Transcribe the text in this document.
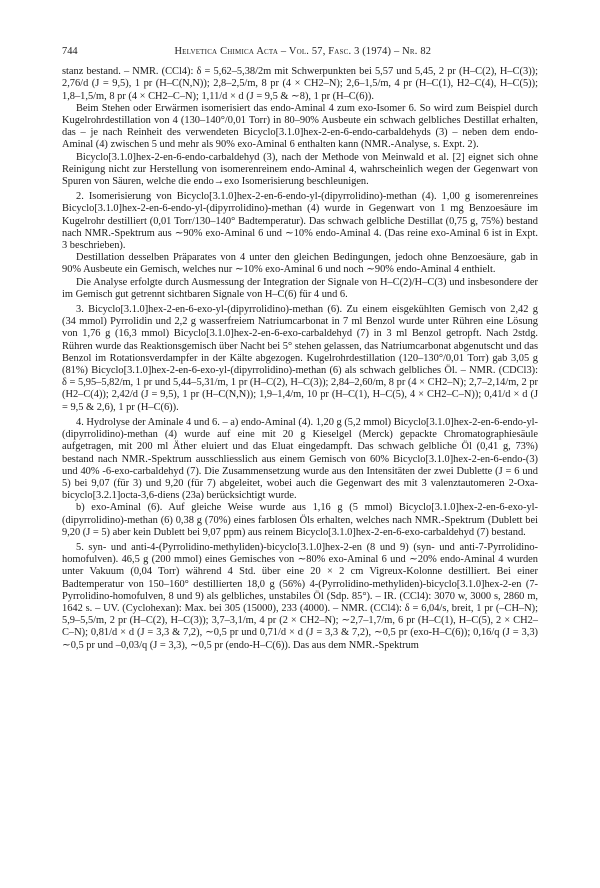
744	Helvetica Chimica Acta – Vol. 57, Fasc. 3 (1974) – Nr. 82

stanz bestand. – NMR. (CCl4): δ = 5,62–5,38/2m mit Schwerpunkten bei 5,57 und 5,45, 2 pr (H–C(2), H–C(3)); 2,76/d (J = 9,5), 1 pr (H–C(N,N)); 2,8–2,5/m, 8 pr (4 × CH2–N); 2,6–1,5/m, 4 pr (H–C(1), H2–C(4), H–C(5)); 1,8–1,5/m, 8 pr (4 × CH2–C–N); 1,11/d × d (J = 9,5 & ∼8), 1 pr (H–C(6)).

Beim Stehen oder Erwärmen isomerisiert das endo-Aminal 4 zum exo-Isomer 6. So wird zum Beispiel durch Kugelrohrdestillation von 4 (130–140°/0,01 Torr) in 80–90% Ausbeute ein schwach gelbliches Destillat erhalten, das – je nach Reinheit des verwendeten Bicyclo[3.1.0]hex-2-en-6-endo-carbaldehyds (3) – neben dem endo-Aminal (4) zwischen 5 und mehr als 90% exo-Aminal 6 enthalten kann (NMR.-Analyse, s. Expt. 2).

Bicyclo[3.1.0]hex-2-en-6-endo-carbaldehyd (3), nach der Methode von Meinwald et al. [2] eignet sich ohne Reinigung nicht zur Herstellung von isomerenreinem endo-Aminal 4, wahrscheinlich wegen der Gegenwart von Spuren von Säuren, welche die endo→exo Isomerisierung beschleunigen.

2. Isomerisierung von Bicyclo[3.1.0]hex-2-en-6-endo-yl-(dipyrrolidino)-methan (4). 1,00 g isomerenreines Bicyclo[3.1.0]hex-2-en-6-endo-yl-(dipyrrolidino)-methan (4) wurde in Gegenwart von 1 mg Benzoesäure im Kugelrohr destilliert (0,01 Torr/130–140° Badtemperatur). Das schwach gelbliche Destillat (0,75 g, 75%) bestand nach NMR.-Spektrum aus ∼90% exo-Aminal 6 und ∼10% endo-Aminal 4. (Das reine exo-Aminal 6 ist in Expt. 3 beschrieben).

Destillation desselben Präparates von 4 unter den gleichen Bedingungen, jedoch ohne Benzoesäure, gab in 90% Ausbeute ein Gemisch, welches nur ∼10% exo-Aminal 6 und noch ∼90% endo-Aminal 4 enthielt.

Die Analyse erfolgte durch Ausmessung der Integration der Signale von H–C(2)/H–C(3) und insbesondere der im Gemisch gut getrennt sichtbaren Signale von H–C(6) für 4 und 6.

3. Bicyclo[3.1.0]hex-2-en-6-exo-yl-(dipyrrolidino)-methan (6). Zu einem eisgekühlten Gemisch von 2,42 g (34 mmol) Pyrrolidin und 2,2 g wasserfreiem Natriumcarbonat in 7 ml Benzol wurde unter Rühren eine Lösung von 1,76 g (16,3 mmol) Bicyclo[3.1.0]hex-2-en-6-exo-carbaldehyd (7) in 3 ml Benzol getropft. Nach 2stdg. Rühren wurde das Reaktionsgemisch über Nacht bei 5° stehen gelassen, das Natriumcarbonat abgenutscht und das Benzol im Rotationsverdampfer in der Kälte abgezogen. Kugelrohrdestillation (120–130°/0,01 Torr) gab 3,05 g (81%) Bicyclo[3.1.0]hex-2-en-6-exo-yl-(dipyrrolidino)-methan (6) als schwach gelbliches Öl. – NMR. (CDCl3): δ = 5,95–5,82/m, 1 pr und 5,44–5,31/m, 1 pr (H–C(2), H–C(3)); 2,84–2,60/m, 8 pr (4 × CH2–N); 2,7–2,14/m, 2 pr (H2–C(4)); 2,42/d (J = 9,5), 1 pr (H–C(N,N)); 1,9–1,4/m, 10 pr (H–C(1), H–C(5), 4 × CH2–C–N)); 0,41/d × d (J = 9,5 & 2,6), 1 pr (H–C(6)).

4. Hydrolyse der Aminale 4 und 6. – a) endo-Aminal (4). 1,20 g (5,2 mmol) Bicyclo[3.1.0]hex-2-en-6-endo-yl-(dipyrrolidino)-methan (4) wurde auf eine mit 20 g Kieselgel (Merck) gepackte Chromatographiesäule aufgetragen, mit 200 ml Äther eluiert und das Eluat eingedampft. Das schwach gelbliche Öl (0,41 g, 73%) bestand nach NMR.-Spektrum ausschliesslich aus einem Gemisch von 60% Bicyclo[3.1.0]hex-2-en-6-endo-(3) und 40% -6-exo-carbaldehyd (7). Die Zusammensetzung wurde aus den Intensitäten der zwei Dublette (J = 6 und 5) bei 9,07 (für 3) und 9,20 (für 7) abgeleitet, wobei auch die Gegenwart des mit 3 valenztautomeren 2-Oxa-bicyclo[3.2.1]octa-3,6-diens (23a) berücksichtigt wurde.

b) exo-Aminal (6). Auf gleiche Weise wurde aus 1,16 g (5 mmol) Bicyclo[3.1.0]hex-2-en-6-exo-yl-(dipyrrolidino)-methan (6) 0,38 g (70%) eines farblosen Öls erhalten, welches nach NMR.-Spektrum (Dublett bei 9,20 (J = 5) aber kein Dublett bei 9,07 ppm) aus reinem Bicyclo[3.1.0]hex-2-en-6-exo-carbaldehyd (7) bestand.

5. syn- und anti-4-(Pyrrolidino-methyliden)-bicyclo[3.1.0]hex-2-en (8 und 9) (syn- und anti-7-Pyrrolidino-homofulven). 46,5 g (200 mmol) eines Gemisches von ∼80% exo-Aminal 6 und ∼20% endo-Aminal 4 wurden unter Vakuum (0,04 Torr) während 4 Std. über eine 20 × 2 cm Vigreux-Kolonne destilliert. Bei einer Badtemperatur von 150–160° destillierten 18,0 g (56%) 4-(Pyrrolidino-methyliden)-bicyclo[3.1.0]hex-2-en (7-Pyrrolidino-homofulven, 8 und 9) als gelbliches, unstabiles Öl (Sdp. 85°). – IR. (CCl4): 3070 w, 3000 s, 2860 m, 1642 s. – UV. (Cyclohexan): Max. bei 305 (15000), 233 (4000). – NMR. (CCl4): δ = 6,04/s, breit, 1 pr (–CH–N); 5,9–5,5/m, 2 pr (H–C(2), H–C(3)); 3,7–3,1/m, 4 pr (2 × CH2–N); ∼2,7–1,7/m, 6 pr (H–C(1), H–C(5), 2 × CH2–C–N); 0,81/d × d (J = 3,3 & 7,2), ∼0,5 pr und 0,71/d × d (J = 3,3 & 7,2), ∼0,5 pr (exo-H–C(6)); 0,16/q (J = 3,3) ∼0,5 pr und –0,03/q (J = 3,3), ∼0,5 pr (endo-H–C(6)). Das aus dem NMR.-Spektrum
